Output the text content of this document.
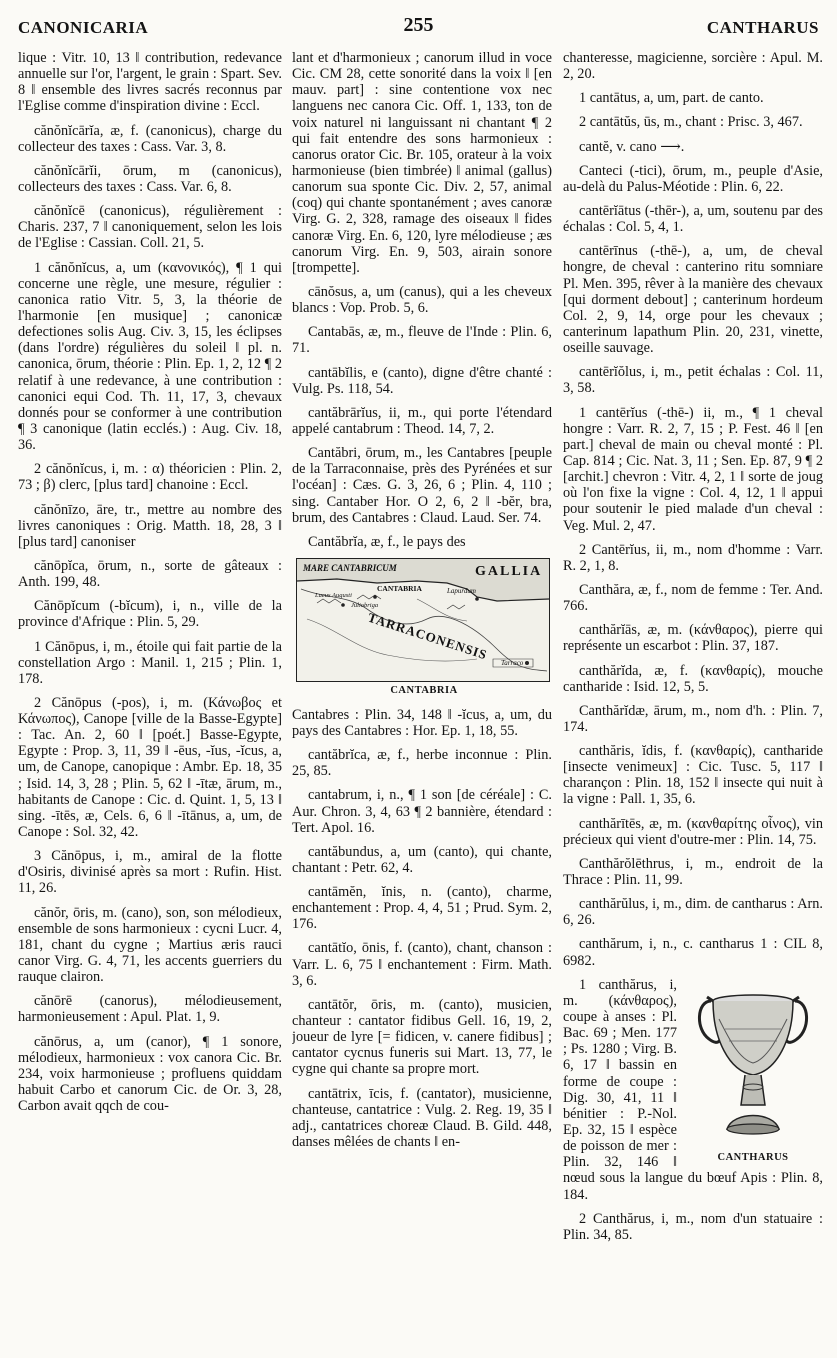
CANONICARIA	255	CANTHARUS

lique : Vitr. 10, 13 ‖ contribution, redevance annuelle sur l'or, l'argent, le grain : Spart. Sev. 8 ‖ ensemble des livres sacrés reconnus par l'Eglise comme d'inspiration divine : Eccl.

cănŏnĭcārĭa, æ, f. (canonicus), charge du collecteur des taxes : Cass. Var. 3, 8.

cănŏnĭcārĭi, ōrum, m (canonicus), collecteurs des taxes : Cass. Var. 6, 8.

cănŏnĭcē (canonicus), régulièrement : Charis. 237, 7 ‖ canoniquement, selon les lois de l'Eglise : Cassian. Coll. 21, 5.

1 cănŏnĭcus, a, um (κανονικός), ¶ 1 qui concerne une règle, une mesure, régulier : canonica ratio Vitr. 5, 3, la théorie de l'harmonie [en musique] ; canonicæ defectiones solis Aug. Civ. 3, 15, les éclipses (dans l'ordre) régulières du soleil ‖ pl. n. canonica, ōrum, théorie : Plin. Ep. 1, 2, 12 ¶ 2 relatif à une redevance, à une contribution : canonici equi Cod. Th. 11, 17, 3, chevaux donnés pour se conformer à une contribution ¶ 3 canonique (latin ecclés.) : Aug. Civ. 18, 36.

2 cănŏnĭcus, i, m. : α) théoricien : Plin. 2, 73 ; β) clerc, [plus tard] chanoine : Eccl.

cănŏnīzo, āre, tr., mettre au nombre des livres canoniques : Orig. Matth. 18, 28, 3 ‖ [plus tard] canoniser

cănōpĭca, ōrum, n., sorte de gâteaux : Anth. 199, 48.

Cănōpĭcum (-bĭcum), i, n., ville de la province d'Afrique : Plin. 5, 29.

1 Cănōpus, i, m., étoile qui fait partie de la constellation Argo : Manil. 1, 215 ; Plin. 1, 178.

2 Cănōpus (-pos), i, m. (Κάνωβος et Κάνωπος), Canope [ville de la Basse-Egypte] : Tac. An. 2, 60 ‖ [poét.] Basse-Egypte, Egypte : Prop. 3, 11, 39 ‖ -ēus, -ĭus, -ĭcus, a, um, de Canope, canopique : Ambr. Ep. 18, 35 ; Isid. 14, 3, 28 ; Plin. 5, 62 ‖ -ītæ, ārum, m., habitants de Canope : Cic. d. Quint. 1, 5, 13 ‖ sing. -ītēs, æ, Cels. 6, 6 ‖ -ītānus, a, um, de Canope : Sol. 32, 42.

3 Cănōpus, i, m., amiral de la flotte d'Osiris, divinisé après sa mort : Rufin. Hist. 11, 26.

cănŏr, ōris, m. (cano), son, son mélodieux, ensemble de sons harmonieux : cycni Lucr. 4, 181, chant du cygne ; Martius æris rauci canor Virg. G. 4, 71, les accents guerriers du rauque clairon.

cănōrē (canorus), mélodieusement, harmonieusement : Apul. Plat. 1, 9.

cănōrus, a, um (canor), ¶ 1 sonore, mélodieux, harmonieux : vox canora Cic. Br. 234, voix harmonieuse ; profluens quiddam habuit Carbo et canorum Cic. de Or. 3, 28, Carbon avait qqch de cou-

lant et d'harmonieux ; canorum illud in voce Cic. CM 28, cette sonorité dans la voix ‖ [en mauv. part] : sine contentione vox nec languens nec canora Cic. Off. 1, 133, ton de voix naturel ni languissant ni chantant ¶ 2 qui fait entendre des sons harmonieux : canorus orator Cic. Br. 105, orateur à la voix harmonieuse (bien timbrée) ‖ animal (gallus) canorum sua sponte Cic. Div. 2, 57, animal (coq) qui chante spontanément ; aves canoræ Virg. G. 2, 328, ramage des oiseaux ‖ fides canoræ Virg. En. 6, 120, lyre mélodieuse ; æs canorum Virg. En. 9, 503, airain sonore [trompette].

cānŏsus, a, um (canus), qui a les cheveux blancs : Vop. Prob. 5, 6.

Cantabās, æ, m., fleuve de l'Inde : Plin. 6, 71.

cantābĭlis, e (canto), digne d'être chanté : Vulg. Ps. 118, 54.

cantăbrārĭus, ii, m., qui porte l'étendard appelé cantabrum : Theod. 14, 7, 2.

Cantăbri, ōrum, m., les Cantabres [peuple de la Tarraconnaise, près des Pyrénées et sur l'océan] : Cæs. G. 3, 26, 6 ; Plin. 4, 110 ; sing. Cantaber Hor. O 2, 6, 2 ‖ -bĕr, bra, brum, des Cantabres : Claud. Laud. Ser. 74.

Cantăbrĭa, æ, f., le pays des

MARE CANTABRICUM	GALLIA
Lapurdum
Lucus Augusti
CANTABRIA
Juliobriga
TARRACONENSIS
Tarraco
CANTABRIA

Cantabres : Plin. 34, 148 ‖ -ĭcus, a, um, du pays des Cantabres : Hor. Ep. 1, 18, 55.

cantăbrĭca, æ, f., herbe inconnue : Plin. 25, 85.

cantabrum, i, n., ¶ 1 son [de céréale] : C. Aur. Chron. 3, 4, 63 ¶ 2 bannière, étendard : Tert. Apol. 16.

cantăbundus, a, um (canto), qui chante, chantant : Petr. 62, 4.

cantāmĕn, ĭnis, n. (canto), charme, enchantement : Prop. 4, 4, 51 ; Prud. Sym. 2, 176.

cantātĭo, ōnis, f. (canto), chant, chanson : Varr. L. 6, 75 ‖ enchantement : Firm. Math. 3, 6.

cantātŏr, ōris, m. (canto), musicien, chanteur : cantator fidibus Gell. 16, 19, 2, joueur de lyre [= fidicen, v. canere fidibus] ; cantator cycnus funeris sui Mart. 13, 77, le cygne qui chante sa propre mort.

cantātrix, īcis, f. (cantator), musicienne, chanteuse, cantatrice : Vulg. 2. Reg. 19, 35 ‖ adj., cantatrices choreæ Claud. B. Gild. 448, danses mêlées de chants ‖ en-

chanteresse, magicienne, sorcière : Apul. M. 2, 20.

1 cantātus, a, um, part. de canto.

2 cantātŭs, ūs, m., chant : Prisc. 3, 467.

cantĕ, v. cano ⟶.

Canteci (-tici), ōrum, m., peuple d'Asie, au-delà du Palus-Méotide : Plin. 6, 22.

cantērĭātus (-thēr-), a, um, soutenu par des échalas : Col. 5, 4, 1.

cantērīnus (-thē-), a, um, de cheval hongre, de cheval : canterino ritu somniare Pl. Men. 395, rêver à la manière des chevaux [qui dorment debout] ; canterinum hordeum Col. 2, 9, 14, orge pour les chevaux ; canterinum lapathum Plin. 20, 231, vinette, oseille sauvage.

cantērĭŏlus, i, m., petit échalas : Col. 11, 3, 58.

1 cantērĭus (-thē-) ii, m., ¶ 1 cheval hongre : Varr. R. 2, 7, 15 ; P. Fest. 46 ‖ [en part.] cheval de main ou cheval monté : Pl. Cap. 814 ; Cic. Nat. 3, 11 ; Sen. Ep. 87, 9 ¶ 2 [archit.] chevron : Vitr. 4, 2, 1 ‖ sorte de joug où l'on fixe la vigne : Col. 4, 12, 1 ‖ appui pour soutenir le pied malade d'un cheval : Veg. Mul. 2, 47.

2 Cantērĭus, ii, m., nom d'homme : Varr. R. 2, 1, 8.

Canthăra, æ, f., nom de femme : Ter. And. 766.

canthărĭās, æ, m. (κάνθαρος), pierre qui représente un escarbot : Plin. 37, 187.

canthărĭda, æ, f. (κανθαρίς), mouche cantharide : Isid. 12, 5, 5.

Canthărĭdæ, ārum, m., nom d'h. : Plin. 7, 174.

canthăris, ĭdis, f. (κανθαρίς), cantharide [insecte venimeux] : Cic. Tusc. 5, 117 ‖ charançon : Plin. 18, 152 ‖ insecte qui nuit à la vigne : Pall. 1, 35, 6.

canthărītēs, æ, m. (κανθαρίτης οἶνος), vin précieux qui vient d'outre-mer : Plin. 14, 75.

Canthărŏlēthrus, i, m., endroit de la Thrace : Plin. 11, 99.

canthărŭlus, i, m., dim. de cantharus : Arn. 6, 26.

canthărum, i, n., c. cantharus 1 : CIL 8, 6982.

CANTHARUS

1 canthărus, i, m. (κάνθαρος), coupe à anses : Pl. Bac. 69 ; Men. 177 ; Ps. 1280 ; Virg. B. 6, 17 ‖ bassin en forme de coupe : Dig. 30, 41, 11 ‖ bénitier : P.-Nol. Ep. 32, 15 ‖ espèce de poisson de mer : Plin. 32, 146 ‖ nœud sous la langue du bœuf Apis : Plin. 8, 184.

2 Canthărus, i, m., nom d'un statuaire : Plin. 34, 85.
